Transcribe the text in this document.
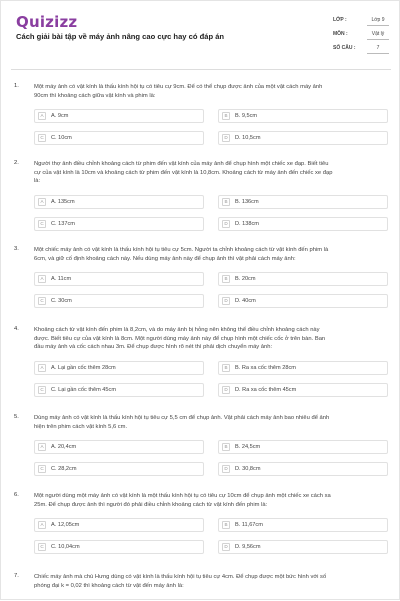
Quizizz
Cách giải bài tập về máy ảnh nâng cao cực hay có đáp án
LỚP :	Lớp 9
MÔN :	Vật lý
SỐ CÂU :	7
1.	Một máy ảnh có vật kính là thấu kính hội tụ có tiêu cự 9cm. Để có thể chụp được ảnh của một vật cách máy ảnh
90cm thì khoảng cách giữa vật kính và phim là:
A	A. 9cm	B	B. 9,5cm
C	C. 10cm	D	D. 10,5cm
2.	Người thợ ảnh điều chỉnh khoảng cách từ phim đến vật kính của máy ảnh để chụp hình một chiếc xe đạp. Biết tiêu
cự của vật kính là 10cm và khoảng cách từ phim đến vật kính là 10,8cm. Khoảng cách từ máy ảnh đến chiếc xe đạp
là:
A	A. 135cm	B	B. 136cm
C	C. 137cm	D	D. 138cm
3.	Một chiếc máy ảnh có vật kính là thấu kính hội tụ tiêu cự 5cm. Người ta chỉnh khoảng cách từ vật kính đến phim là
6cm, và giữ cố định khoảng cách này. Nếu dùng máy ảnh này để chụp ảnh thì vật phải cách máy ảnh:
A	A. 11cm	B	B. 20cm
C	C. 30cm	D	D. 40cm
4.	Khoảng cách từ vật kính đến phim là 8,2cm, và do máy ảnh bị hỏng nên không thể điều chỉnh khoảng cách này
được. Biết tiêu cự của vật kính là 8cm. Một người dùng máy ảnh này để chụp hình một chiếc cốc ở trên bàn. Ban
đầu máy ảnh và cốc cách nhau 3m. Để chụp được hình rõ nét thì phải dịch chuyển máy ảnh:
A	A. Lại gần cốc thêm 28cm	B	B. Ra xa cốc thêm 28cm
C	C. Lại gần cốc thêm 45cm	D	D. Ra xa cốc thêm 45cm
5.	Dùng máy ảnh có vật kính là thấu kính hội tụ tiêu cự 5,5 cm để chụp ảnh. Vật phải cách máy ảnh bao nhiêu để ảnh
hiện trên phim cách vật kính 5,6 cm.
A	A. 20,4cm	B	B. 24,5cm
C	C. 28,2cm	D	D. 30,8cm
6.	Một người dùng một máy ảnh có vật kính là một thấu kính hội tụ có tiêu cự 10cm để chụp ảnh một chiếc xe cách xa
25m. Để chụp được ảnh thì người đó phải điều chỉnh khoảng cách từ vật kính đến phim là:
A	A. 12,05cm	B	B. 11,67cm
C	C. 10,04cm	D	D. 9,56cm
7.	Chiếc máy ảnh mà chú Hưng dùng có vật kính là thấu kính hội tụ tiêu cự 4cm. Để chụp được một bức hình với số
phóng đại k = 0,02 thì khoảng cách từ vật đến máy ảnh là:
